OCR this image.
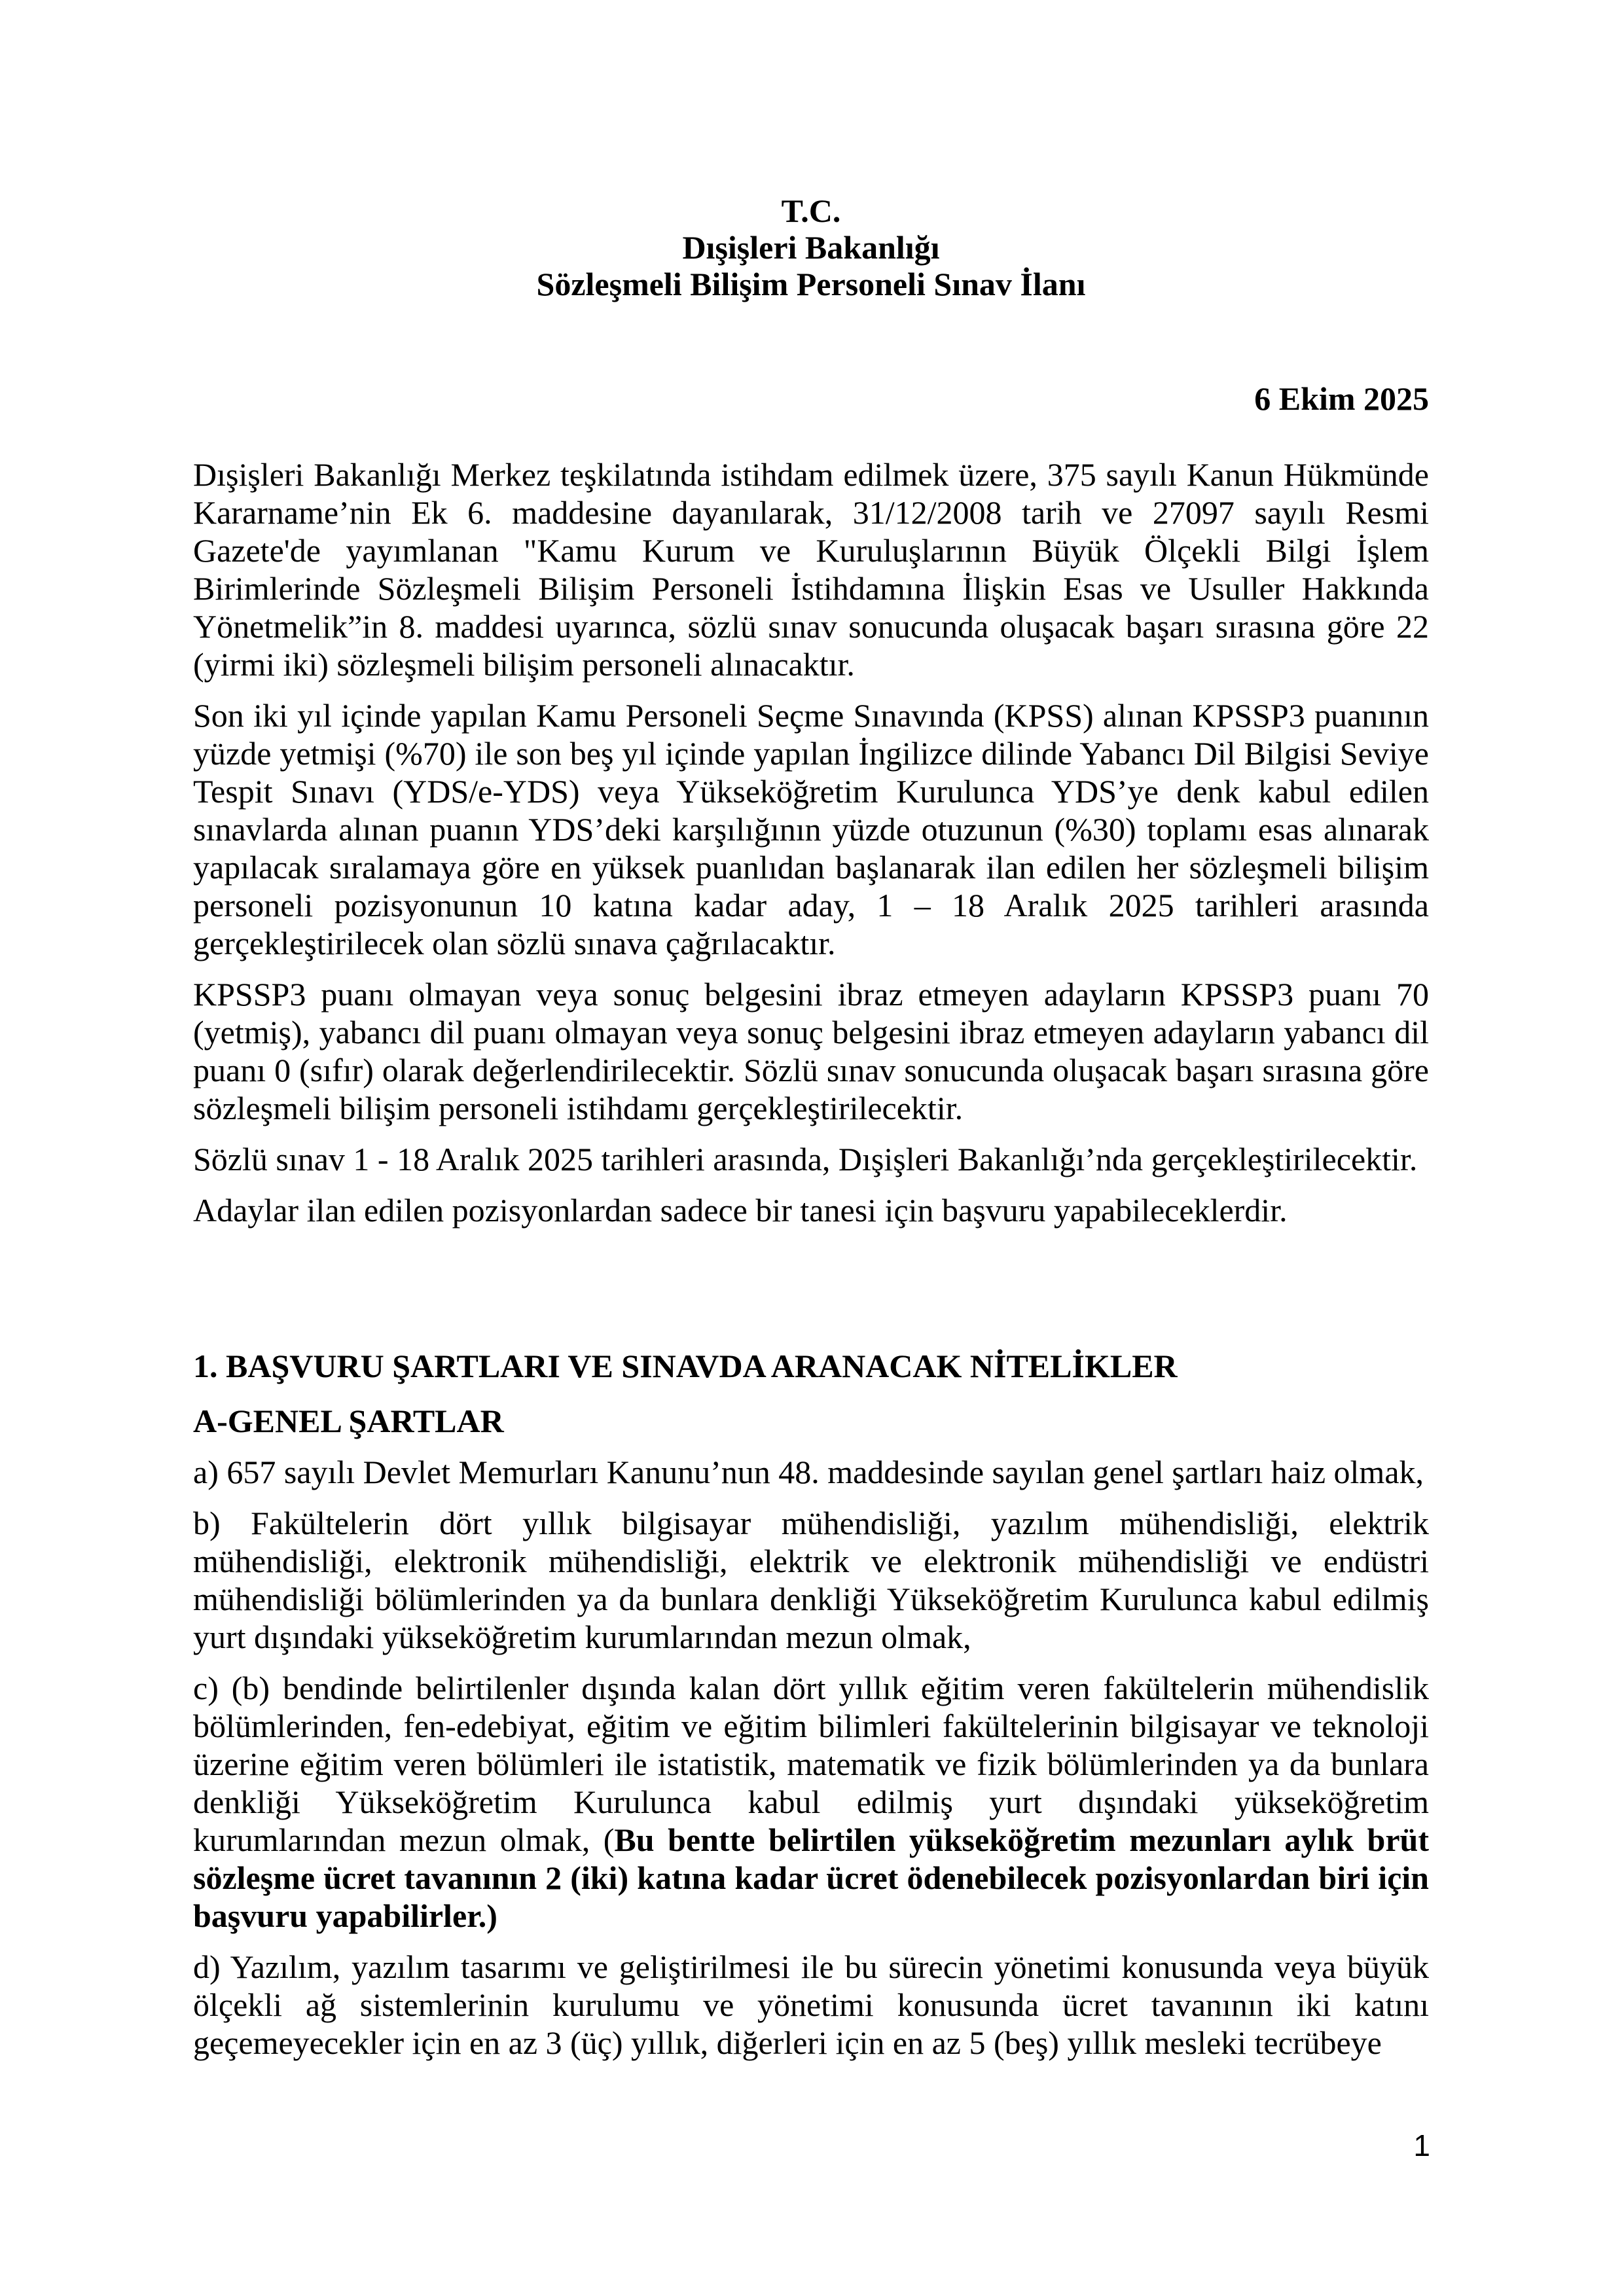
T.C.
Dışişleri Bakanlığı
Sözleşmeli Bilişim Personeli Sınav İlanı
6 Ekim 2025

Dışişleri Bakanlığı Merkez teşkilatında istihdam edilmek üzere, 375 sayılı Kanun Hükmünde Kararname’nin Ek 6. maddesine dayanılarak, 31/12/2008 tarih ve 27097 sayılı Resmi Gazete'de yayımlanan "Kamu Kurum ve Kuruluşlarının Büyük Ölçekli Bilgi İşlem Birimlerinde Sözleşmeli Bilişim Personeli İstihdamına İlişkin Esas ve Usuller Hakkında Yönetmelik”in 8. maddesi uyarınca, sözlü sınav sonucunda oluşacak başarı sırasına göre 22 (yirmi iki) sözleşmeli bilişim personeli alınacaktır.

Son iki yıl içinde yapılan Kamu Personeli Seçme Sınavında (KPSS) alınan KPSSP3 puanının yüzde yetmişi (%70) ile son beş yıl içinde yapılan İngilizce dilinde Yabancı Dil Bilgisi Seviye Tespit Sınavı (YDS/e-YDS) veya Yükseköğretim Kurulunca YDS’ye denk kabul edilen sınavlarda alınan puanın YDS’deki karşılığının yüzde otuzunun (%30) toplamı esas alınarak yapılacak sıralamaya göre en yüksek puanlıdan başlanarak ilan edilen her sözleşmeli bilişim personeli pozisyonunun 10 katına kadar aday, 1 – 18 Aralık 2025 tarihleri arasında gerçekleştirilecek olan sözlü sınava çağrılacaktır.

KPSSP3 puanı olmayan veya sonuç belgesini ibraz etmeyen adayların KPSSP3 puanı 70 (yetmiş), yabancı dil puanı olmayan veya sonuç belgesini ibraz etmeyen adayların yabancı dil puanı 0 (sıfır) olarak değerlendirilecektir. Sözlü sınav sonucunda oluşacak başarı sırasına göre sözleşmeli bilişim personeli istihdamı gerçekleştirilecektir.

Sözlü sınav 1 - 18 Aralık 2025 tarihleri arasında, Dışişleri Bakanlığı’nda gerçekleştirilecektir.

Adaylar ilan edilen pozisyonlardan sadece bir tanesi için başvuru yapabileceklerdir.

1. BAŞVURU ŞARTLARI VE SINAVDA ARANACAK NİTELİKLER
A-GENEL ŞARTLAR

a) 657 sayılı Devlet Memurları Kanunu’nun 48. maddesinde sayılan genel şartları haiz olmak,

b) Fakültelerin dört yıllık bilgisayar mühendisliği, yazılım mühendisliği, elektrik mühendisliği, elektronik mühendisliği, elektrik ve elektronik mühendisliği ve endüstri mühendisliği bölümlerinden ya da bunlara denkliği Yükseköğretim Kurulunca kabul edilmiş yurt dışındaki yükseköğretim kurumlarından mezun olmak,

c) (b) bendinde belirtilenler dışında kalan dört yıllık eğitim veren fakültelerin mühendislik bölümlerinden, fen-edebiyat, eğitim ve eğitim bilimleri fakültelerinin bilgisayar ve teknoloji üzerine eğitim veren bölümleri ile istatistik, matematik ve fizik bölümlerinden ya da bunlara denkliği Yükseköğretim Kurulunca kabul edilmiş yurt dışındaki yükseköğretim kurumlarından mezun olmak, (Bu bentte belirtilen yükseköğretim mezunları aylık brüt sözleşme ücret tavanının 2 (iki) katına kadar ücret ödenebilecek pozisyonlardan biri için başvuru yapabilirler.)

d) Yazılım, yazılım tasarımı ve geliştirilmesi ile bu sürecin yönetimi konusunda veya büyük ölçekli ağ sistemlerinin kurulumu ve yönetimi konusunda ücret tavanının iki katını geçemeyecekler için en az 3 (üç) yıllık, diğerleri için en az 5 (beş) yıllık mesleki tecrübeye

1
